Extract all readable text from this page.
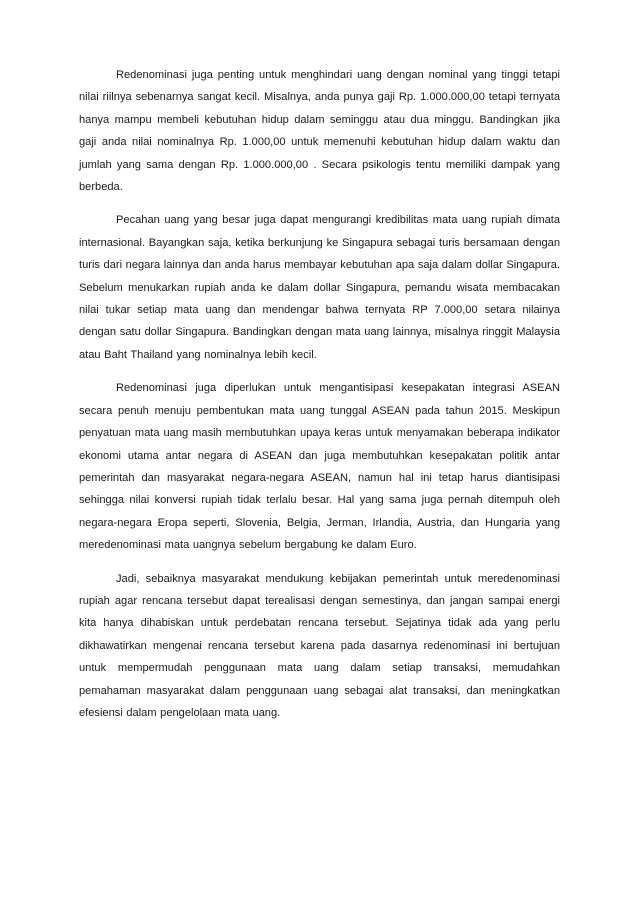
Redenominasi juga penting untuk menghindari uang dengan nominal yang tinggi tetapi nilai riilnya sebenarnya sangat kecil. Misalnya, anda punya gaji Rp. 1.000.000,00 tetapi ternyata hanya mampu membeli kebutuhan hidup dalam seminggu atau dua minggu. Bandingkan jika gaji anda nilai nominalnya Rp. 1.000,00 untuk memenuhi kebutuhan hidup dalam waktu dan jumlah yang sama dengan Rp. 1.000.000,00 . Secara psikologis tentu memiliki dampak yang berbeda.

Pecahan uang yang besar juga dapat mengurangi kredibilitas mata uang rupiah dimata internasional. Bayangkan saja, ketika berkunjung ke Singapura sebagai turis bersamaan dengan turis dari negara lainnya dan anda harus membayar kebutuhan apa saja dalam dollar Singapura. Sebelum menukarkan rupiah anda ke dalam dollar Singapura, pemandu wisata membacakan nilai tukar setiap mata uang dan mendengar bahwa ternyata RP 7.000,00 setara nilainya dengan satu dollar Singapura. Bandingkan dengan mata uang lainnya, misalnya ringgit Malaysia atau Baht Thailand yang nominalnya lebih kecil.

Redenominasi juga diperlukan untuk mengantisipasi kesepakatan integrasi ASEAN secara penuh menuju pembentukan mata uang tunggal ASEAN pada tahun 2015. Meskipun penyatuan mata uang masih membutuhkan upaya keras untuk menyamakan beberapa indikator ekonomi utama antar negara di ASEAN dan juga membutuhkan kesepakatan politik antar pemerintah dan masyarakat negara-negara ASEAN, namun hal ini tetap harus diantisipasi sehingga nilai konversi rupiah tidak terlalu besar. Hal yang sama juga pernah ditempuh oleh negara-negara Eropa seperti, Slovenia, Belgia, Jerman, Irlandia, Austria, dan Hungaria yang meredenominasi mata uangnya sebelum bergabung ke dalam Euro.

Jadi, sebaiknya masyarakat mendukung kebijakan pemerintah untuk meredenominasi rupiah agar rencana tersebut dapat terealisasi dengan semestinya, dan jangan sampai energi kita hanya dihabiskan untuk perdebatan rencana tersebut. Sejatinya tidak ada yang perlu dikhawatirkan mengenai rencana tersebut karena pada dasarnya redenominasi ini bertujuan untuk mempermudah penggunaan mata uang dalam setiap transaksi, memudahkan pemahaman masyarakat dalam penggunaan uang sebagai alat transaksi, dan meningkatkan efesiensi dalam pengelolaan mata uang.
